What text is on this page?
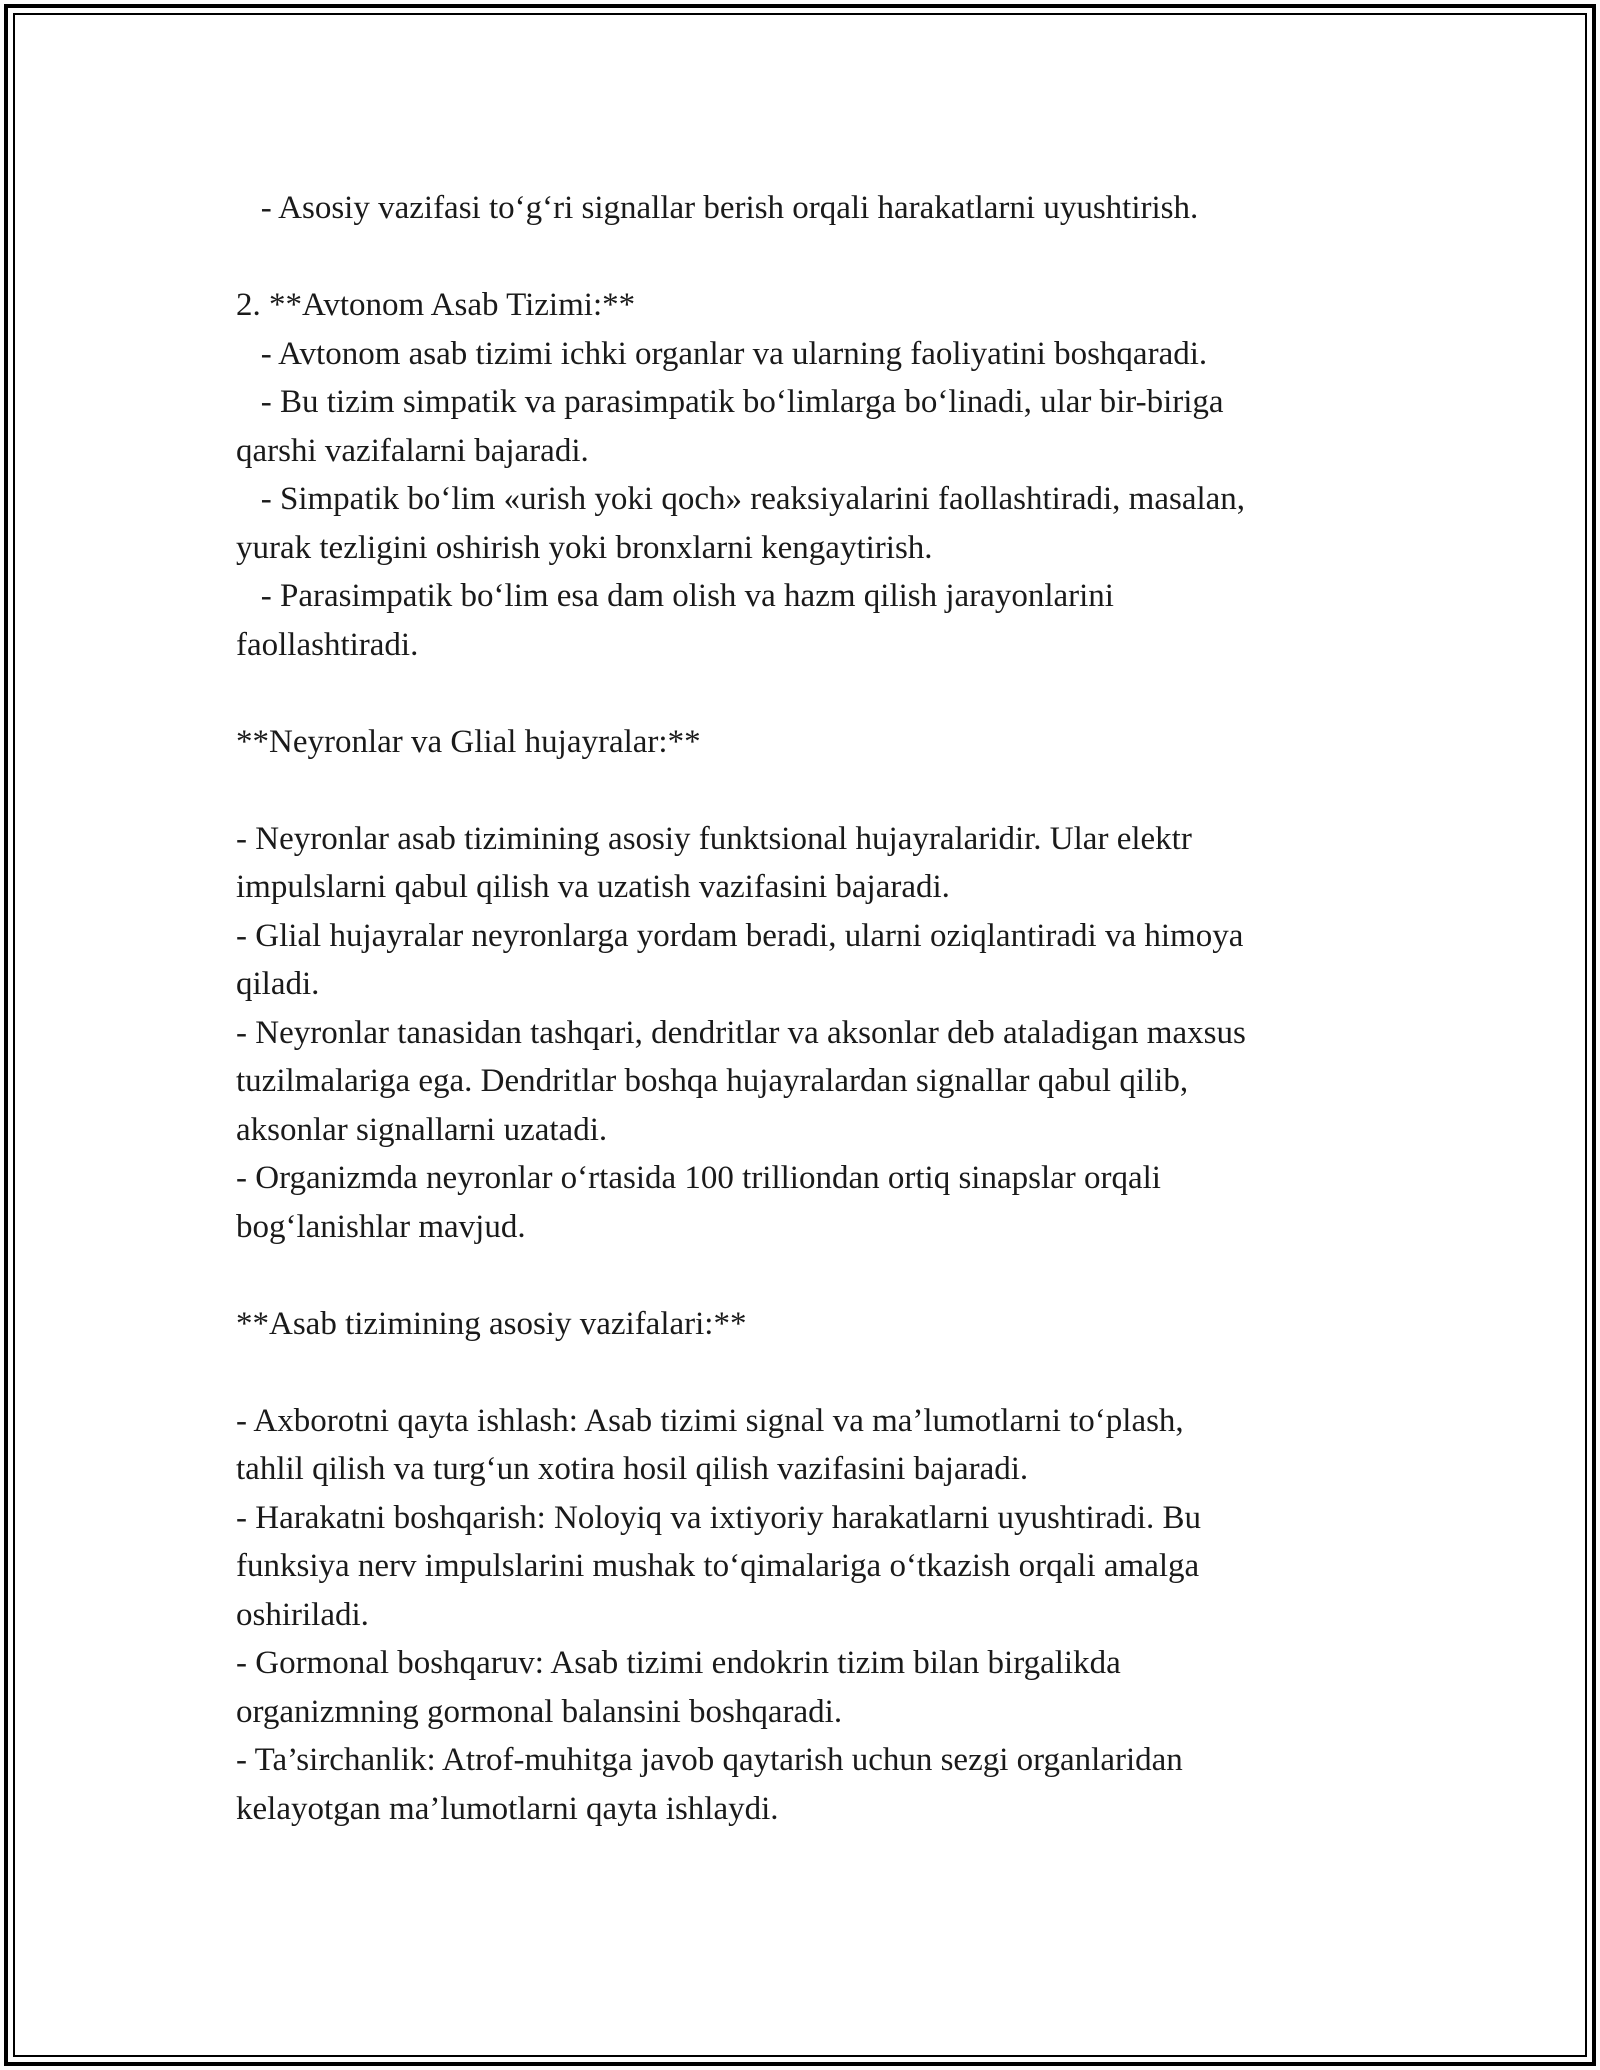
- Asosiy vazifasi to‘g‘ri signallar berish orqali harakatlarni uyushtirish.
2. **Avtonom Asab Tizimi:**
- Avtonom asab tizimi ichki organlar va ularning faoliyatini boshqaradi.
- Bu tizim simpatik va parasimpatik bo‘limlarga bo‘linadi, ular bir-biriga
qarshi vazifalarni bajaradi.
- Simpatik bo‘lim «urish yoki qoch» reaksiyalarini faollashtiradi, masalan,
yurak tezligini oshirish yoki bronxlarni kengaytirish.
- Parasimpatik bo‘lim esa dam olish va hazm qilish jarayonlarini
faollashtiradi.
**Neyronlar va Glial hujayralar:**
- Neyronlar asab tizimining asosiy funktsional hujayralaridir. Ular elektr
impulslarni qabul qilish va uzatish vazifasini bajaradi.
- Glial hujayralar neyronlarga yordam beradi, ularni oziqlantiradi va himoya
qiladi.
- Neyronlar tanasidan tashqari, dendritlar va aksonlar deb ataladigan maxsus
tuzilmalariga ega. Dendritlar boshqa hujayralardan signallar qabul qilib,
aksonlar signallarni uzatadi.
- Organizmda neyronlar o‘rtasida 100 trilliondan ortiq sinapslar orqali
bog‘lanishlar mavjud.
**Asab tizimining asosiy vazifalari:**
- Axborotni qayta ishlash: Asab tizimi signal va ma’lumotlarni to‘plash,
tahlil qilish va turg‘un xotira hosil qilish vazifasini bajaradi.
- Harakatni boshqarish: Noloyiq va ixtiyoriy harakatlarni uyushtiradi. Bu
funksiya nerv impulslarini mushak to‘qimalariga o‘tkazish orqali amalga
oshiriladi.
- Gormonal boshqaruv: Asab tizimi endokrin tizim bilan birgalikda
organizmning gormonal balansini boshqaradi.
- Ta’sirchanlik: Atrof-muhitga javob qaytarish uchun sezgi organlaridan
kelayotgan ma’lumotlarni qayta ishlaydi.
